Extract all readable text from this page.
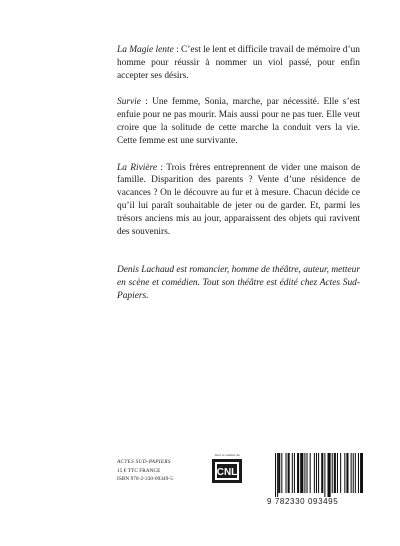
La Magie lente : C’est le lent et difficile travail de mémoire d’un homme pour réussir à nommer un viol passé, pour enfin accepter ses désirs.

Survie : Une femme, Sonia, marche, par nécessité. Elle s’est enfuie pour ne pas mourir. Mais aussi pour ne pas tuer. Elle veut croire que la solitude de cette marche la conduit vers la vie. Cette femme est une survivante.

La Rivière : Trois frères entreprennent de vider une maison de famille. Disparition des parents ? Vente d’une résidence de vacances ? On le découvre au fur et à mesure. Chacun décide ce qu’il lui paraît souhaitable de jeter ou de garder. Et, parmi les trésors anciens mis au jour, apparaissent des objets qui ravivent des souvenirs.

Denis Lachaud est romancier, homme de théâtre, auteur, metteur en scène et comédien. Tout son théâtre est édité chez Actes Sud-Papiers.

ACTES SUD-PAPIERS
15 € TTC FRANCE
ISBN 978-2-330-09349-5
Avec le soutien du
CNL
9 782330 093495
